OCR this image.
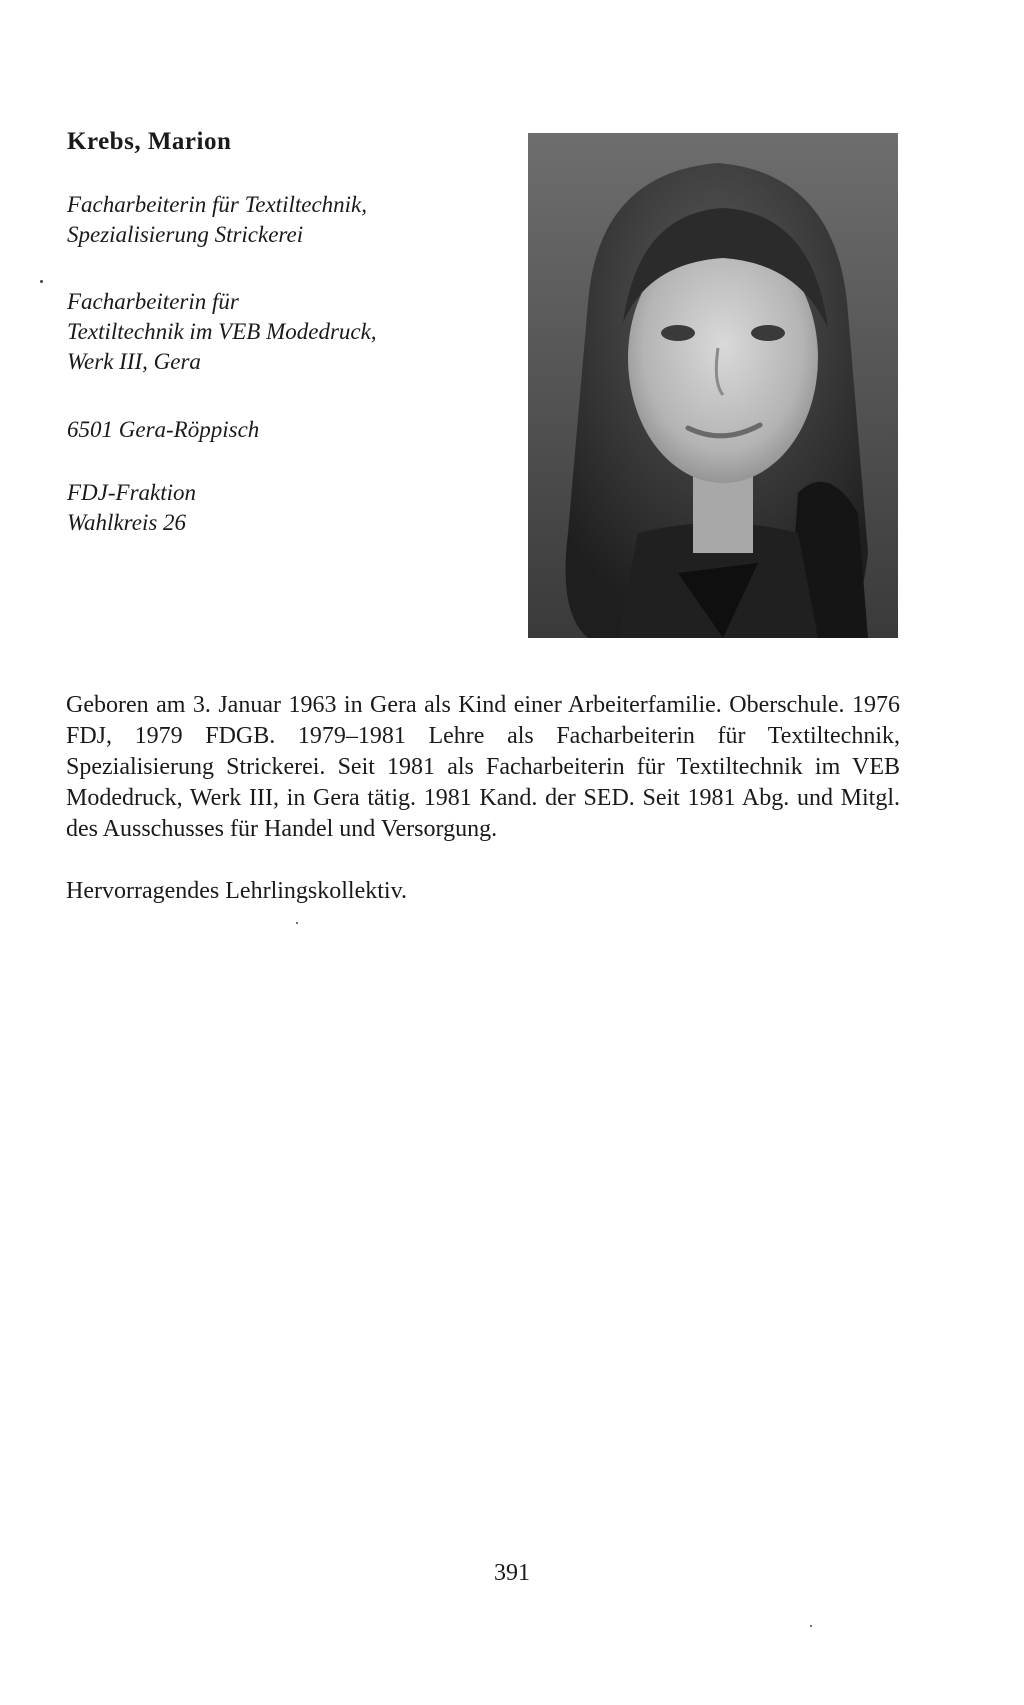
Krebs, Marion

Facharbeiterin für Textiltechnik,
Spezialisierung Strickerei

Facharbeiterin für
Textiltechnik im VEB Modedruck,
Werk III, Gera

6501 Gera-Röppisch

FDJ-Fraktion
Wahlkreis 26

Geboren am 3. Januar 1963 in Gera als Kind einer Arbeiterfamilie. Oberschule. 1976 FDJ, 1979 FDGB. 1979–1981 Lehre als Facharbeiterin für Textiltechnik, Spezialisierung Strickerei. Seit 1981 als Facharbeiterin für Textiltechnik im VEB Modedruck, Werk III, in Gera tätig. 1981 Kand. der SED. Seit 1981 Abg. und Mitgl. des Ausschusses für Handel und Versorgung.

Hervorragendes Lehrlingskollektiv.

391
